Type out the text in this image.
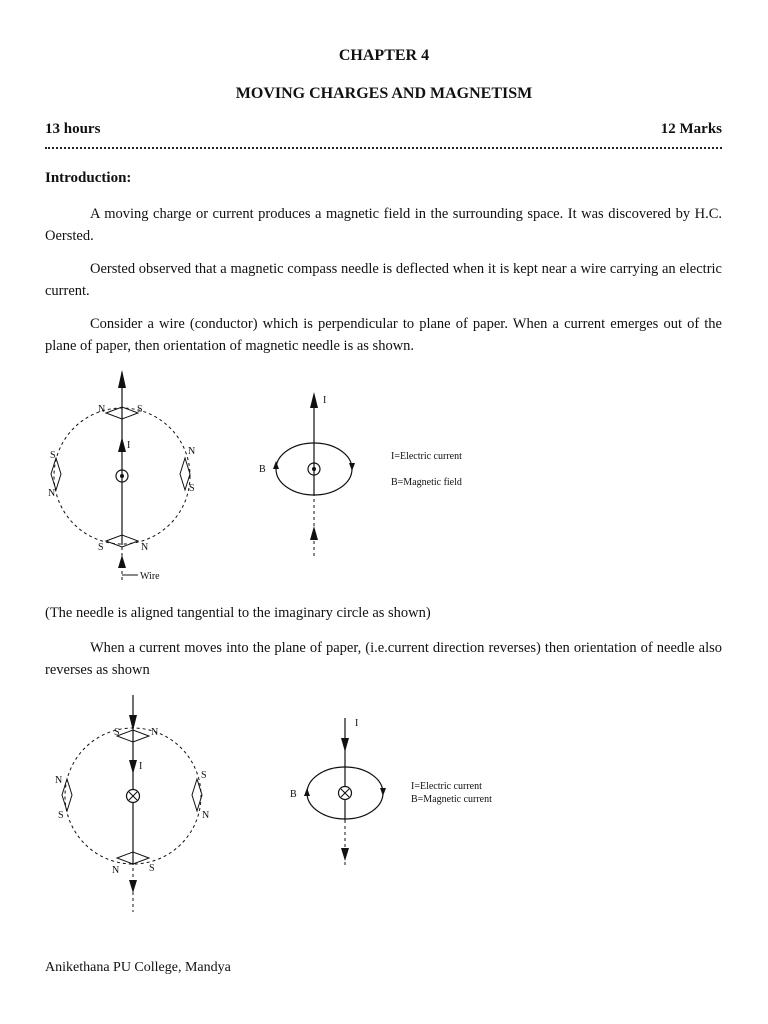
CHAPTER 4
MOVING CHARGES AND MAGNETISM
13 hours	12 Marks
Introduction:
A moving charge or current produces a magnetic field in the surrounding space. It was discovered by H.C. Oersted.
Oersted observed that a magnetic compass needle is deflected when it is kept near a wire carrying an electric current.
Consider a wire (conductor) which is perpendicular to plane of paper. When a current emerges out of the plane of paper, then orientation of magnetic needle is as shown.
(The needle is aligned tangential to the imaginary circle as shown)
When a current moves into the plane of paper, (i.e.current direction reverses) then orientation of needle also reverses as shown
N	S
S
N
N
S
S	N
I
Wire
I
B
I=Electric current
B=Magnetic field
S	N
N
S
S
N
N	S
I
I
B
I=Electric current
B=Magnetic current
Anikethana PU College, Mandya
